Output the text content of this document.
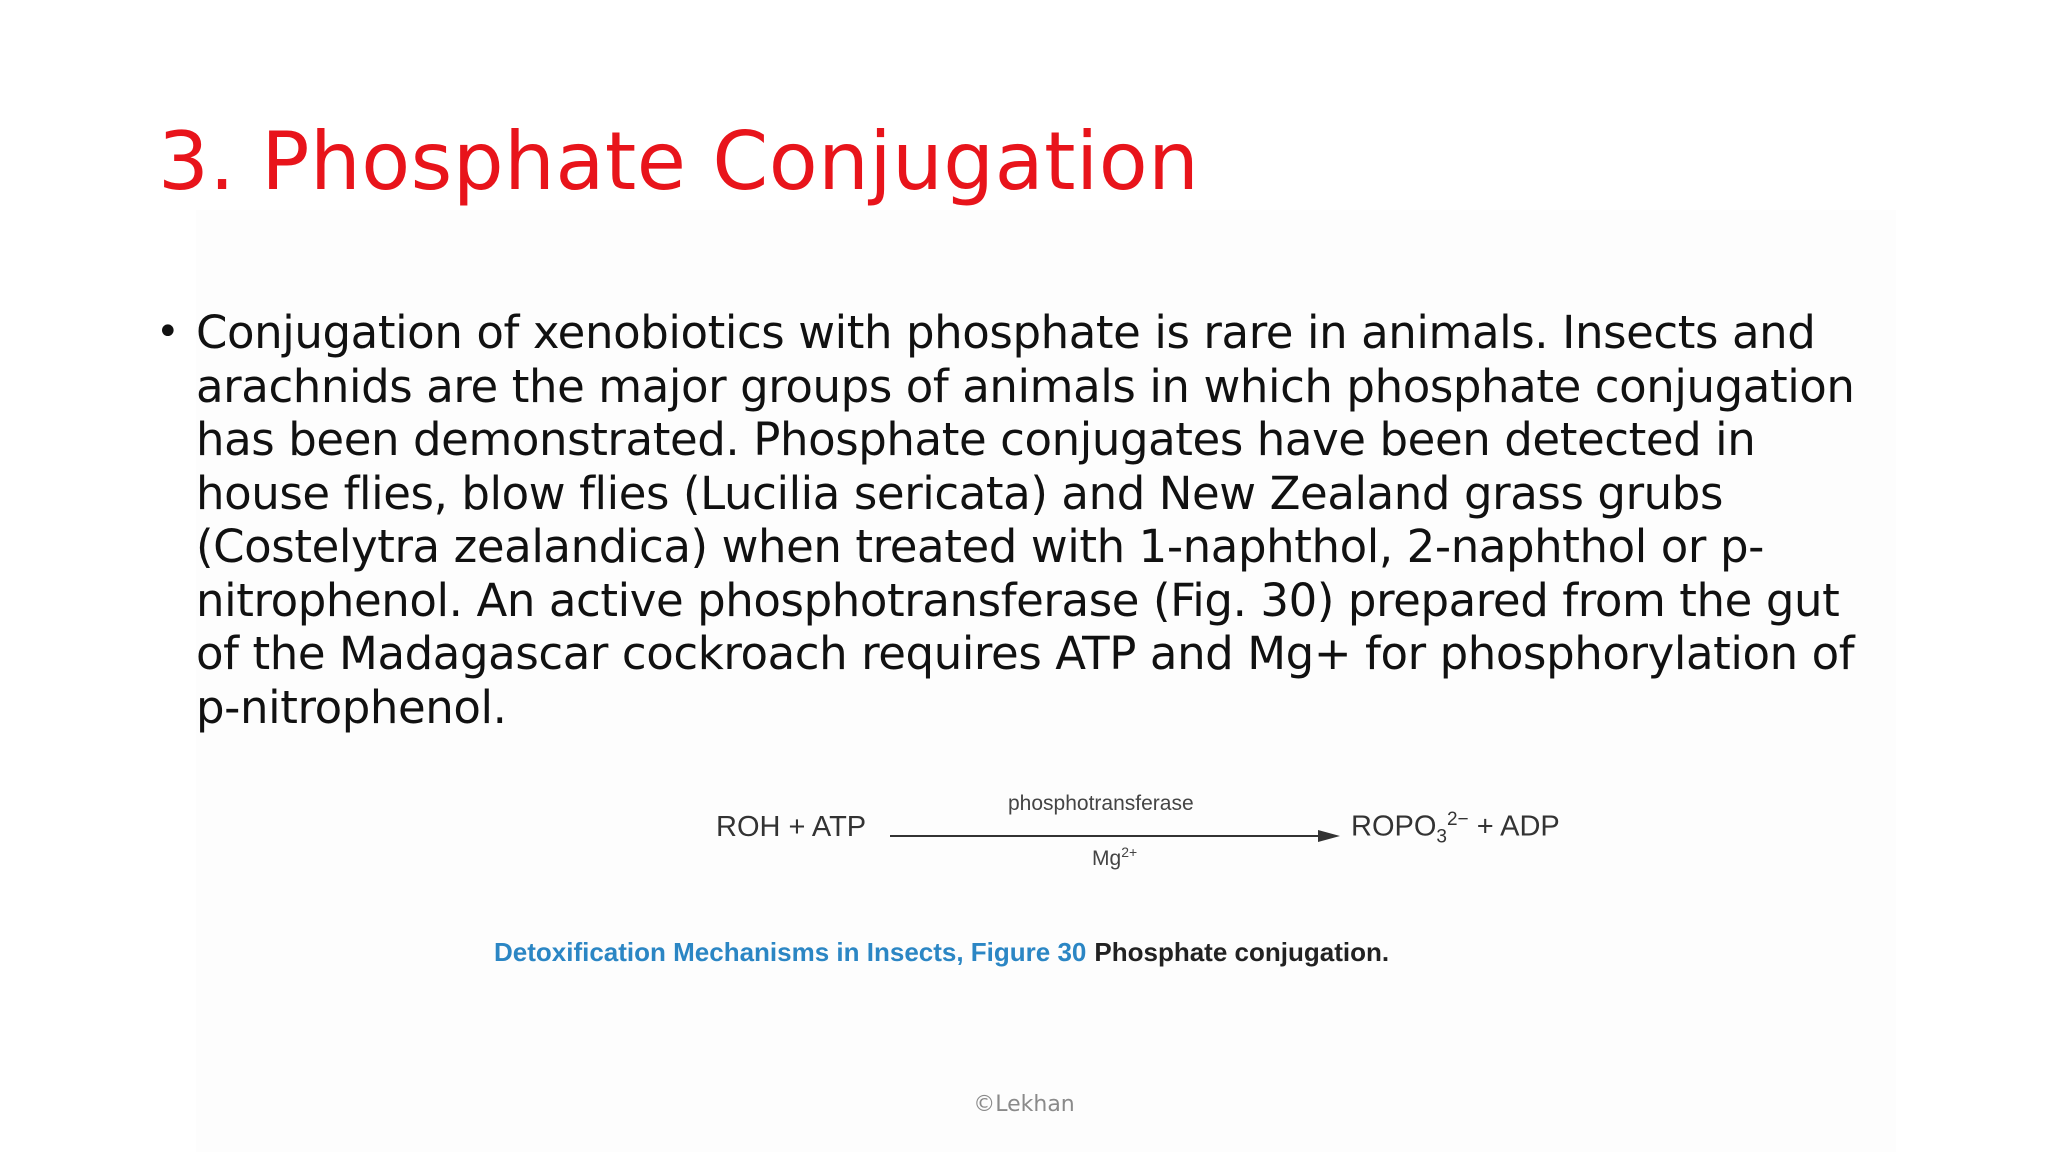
3. Phosphate Conjugation
• Conjugation of xenobiotics with phosphate is rare in animals. Insects and
arachnids are the major groups of animals in which phosphate conjugation
has been demonstrated. Phosphate conjugates have been detected in
house flies, blow flies (Lucilia sericata) and New Zealand grass grubs
(Costelytra zealandica) when treated with 1-naphthol, 2-naphthol or p-
nitrophenol. An active phosphotransferase (Fig. 30) prepared from the gut
of the Madagascar cockroach requires ATP and Mg+ for phosphorylation of
p-nitrophenol.
ROH + ATP
phosphotransferase
$Mg^{2+}$
$ROPO_3^{2-}$ + ADP
Detoxification Mechanisms in Insects, Figure 30 Phosphate conjugation.
©Lekhan
